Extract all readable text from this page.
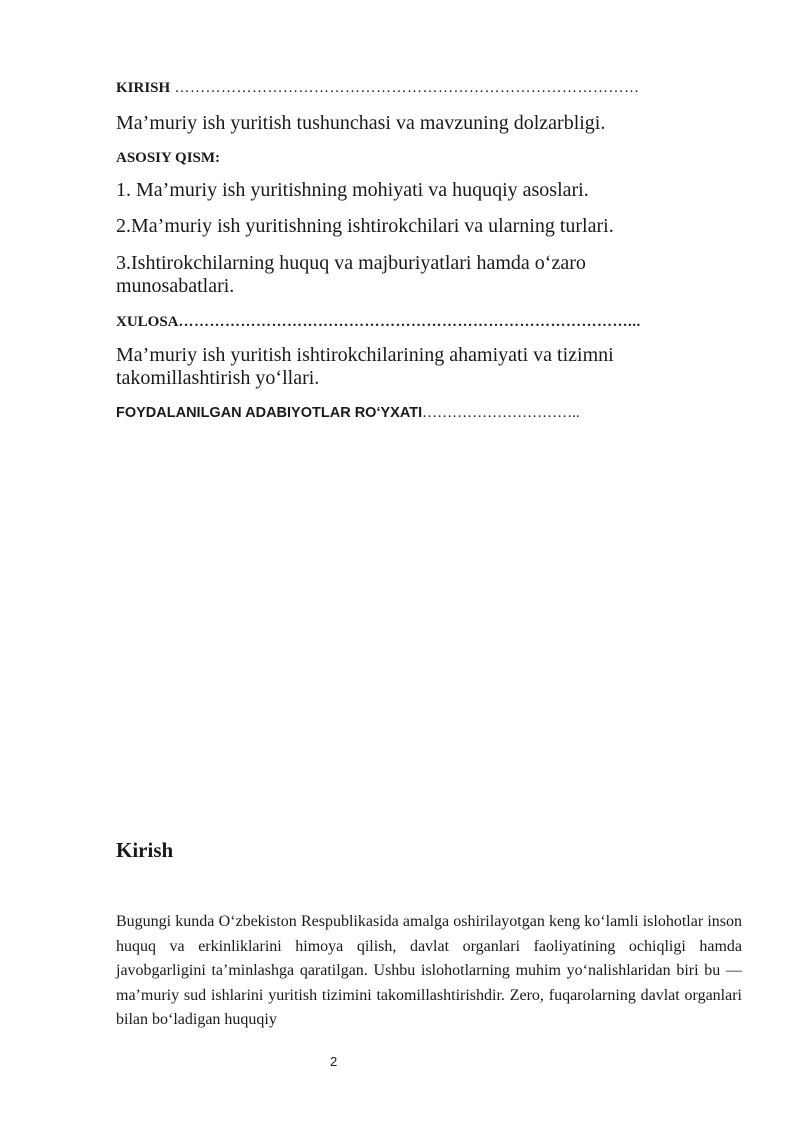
KIRISH ………………………………………………………………………………
Ma’muriy ish yuritish tushunchasi va mavzuning dolzarbligi.
ASOSIY QISM:
1. Ma’muriy ish yuritishning mohiyati va huquqiy asoslari.
2.Ma’muriy ish yuritishning ishtirokchilari va ularning turlari.
3.Ishtirokchilarning huquq va majburiyatlari hamda o‘zaro munosabatlari.
XULOSA……………………………………………………………………………...
Ma’muriy ish yuritish ishtirokchilarining ahamiyati va tizimni takomillashtirish yo‘llari.
FOYDALANILGAN ADABIYOTLAR RO‘YXATI…………………………..
Kirish
Bugungi kunda O‘zbekiston Respublikasida amalga oshirilayotgan keng ko‘lamli islohotlar inson huquq va erkinliklarini himoya qilish, davlat organlari faoliyatining ochiqligi hamda javobgarligini ta’minlashga qaratilgan. Ushbu islohotlarning muhim yo‘nalishlaridan biri bu — ma’muriy sud ishlarini yuritish tizimini takomillashtirishdir. Zero, fuqarolarning davlat organlari bilan bo‘ladigan huquqiy
2
